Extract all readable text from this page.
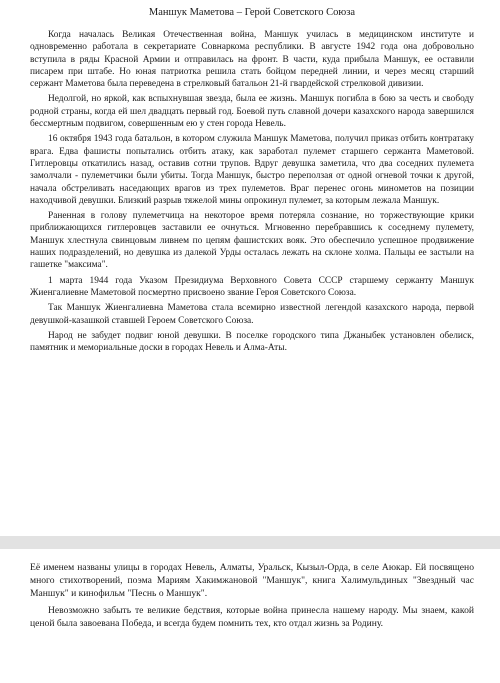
Маншук Маметова – Герой Советского Союза

Когда началась Великая Отечественная война, Маншук училась в медицинском институте и одновременно работала в секретариате Совнаркома республики. В августе 1942 года она добровольно вступила в ряды Красной Армии и отправилась на фронт. В части, куда прибыла Маншук, ее оставили писарем при штабе. Но юная патриотка решила стать бойцом передней линии, и через месяц старший сержант Маметова была переведена в стрелковый батальон 21-й гвардейской стрелковой дивизии.

Недолгой, но яркой, как вспыхнувшая звезда, была ее жизнь. Маншук погибла в бою за честь и свободу родной страны, когда ей шел двадцать первый год. Боевой путь славной дочери казахского народа завершился бессмертным подвигом, совершенным ею у стен города Невель.

16 октября 1943 года батальон, в котором служила Маншук Маметова, получил приказ отбить контратаку врага. Едва фашисты попытались отбить атаку, как заработал пулемет старшего сержанта Маметовой. Гитлеровцы откатились назад, оставив сотни трупов. Вдруг девушка заметила, что два соседних пулемета замолчали - пулеметчики были убиты. Тогда Маншук, быстро переползая от одной огневой точки к другой, начала обстреливать наседающих врагов из трех пулеметов. Враг перенес огонь минометов на позиции находчивой девушки. Близкий разрыв тяжелой мины опрокинул пулемет, за которым лежала Маншук.

Раненная в голову пулеметчица на некоторое время потеряла сознание, но торжествующие крики приближающихся гитлеровцев заставили ее очнуться. Мгновенно перебравшись к соседнему пулемету, Маншук хлестнула свинцовым ливнем по цепям фашистских вояк. Это обеспечило успешное продвижение наших подразделений, но девушка из далекой Урды осталась лежать на склоне холма. Пальцы ее застыли на гашетке "максима".

1 марта 1944 года Указом Президиума Верховного Совета СССР старшему сержанту Маншук Жиенгалиевне Маметовой посмертно присвоено звание Героя Советского Союза.

Так Маншук Жиенгалиевна Маметова стала всемирно известной легендой казахского народа, первой девушкой-казашкой ставшей Героем Советского Союза.

Народ не забудет подвиг юной девушки. В поселке городского типа Джаныбек установлен обелиск, памятник и мемориальные доски в городах Невель и Алма-Аты.

Её именем названы улицы в городах Невель, Алматы, Уральск, Кызыл-Орда, в селе Аюкар. Ей посвящено много стихотворений, поэма Мариям Хакимжановой "Маншук", книга Халимульдиных "Звездный час Маншук" и кинофильм "Песнь о Маншук".

Невозможно забыть те великие бедствия, которые война принесла нашему народу. Мы знаем, какой ценой была завоевана Победа, и всегда будем помнить тех, кто отдал жизнь за Родину.
